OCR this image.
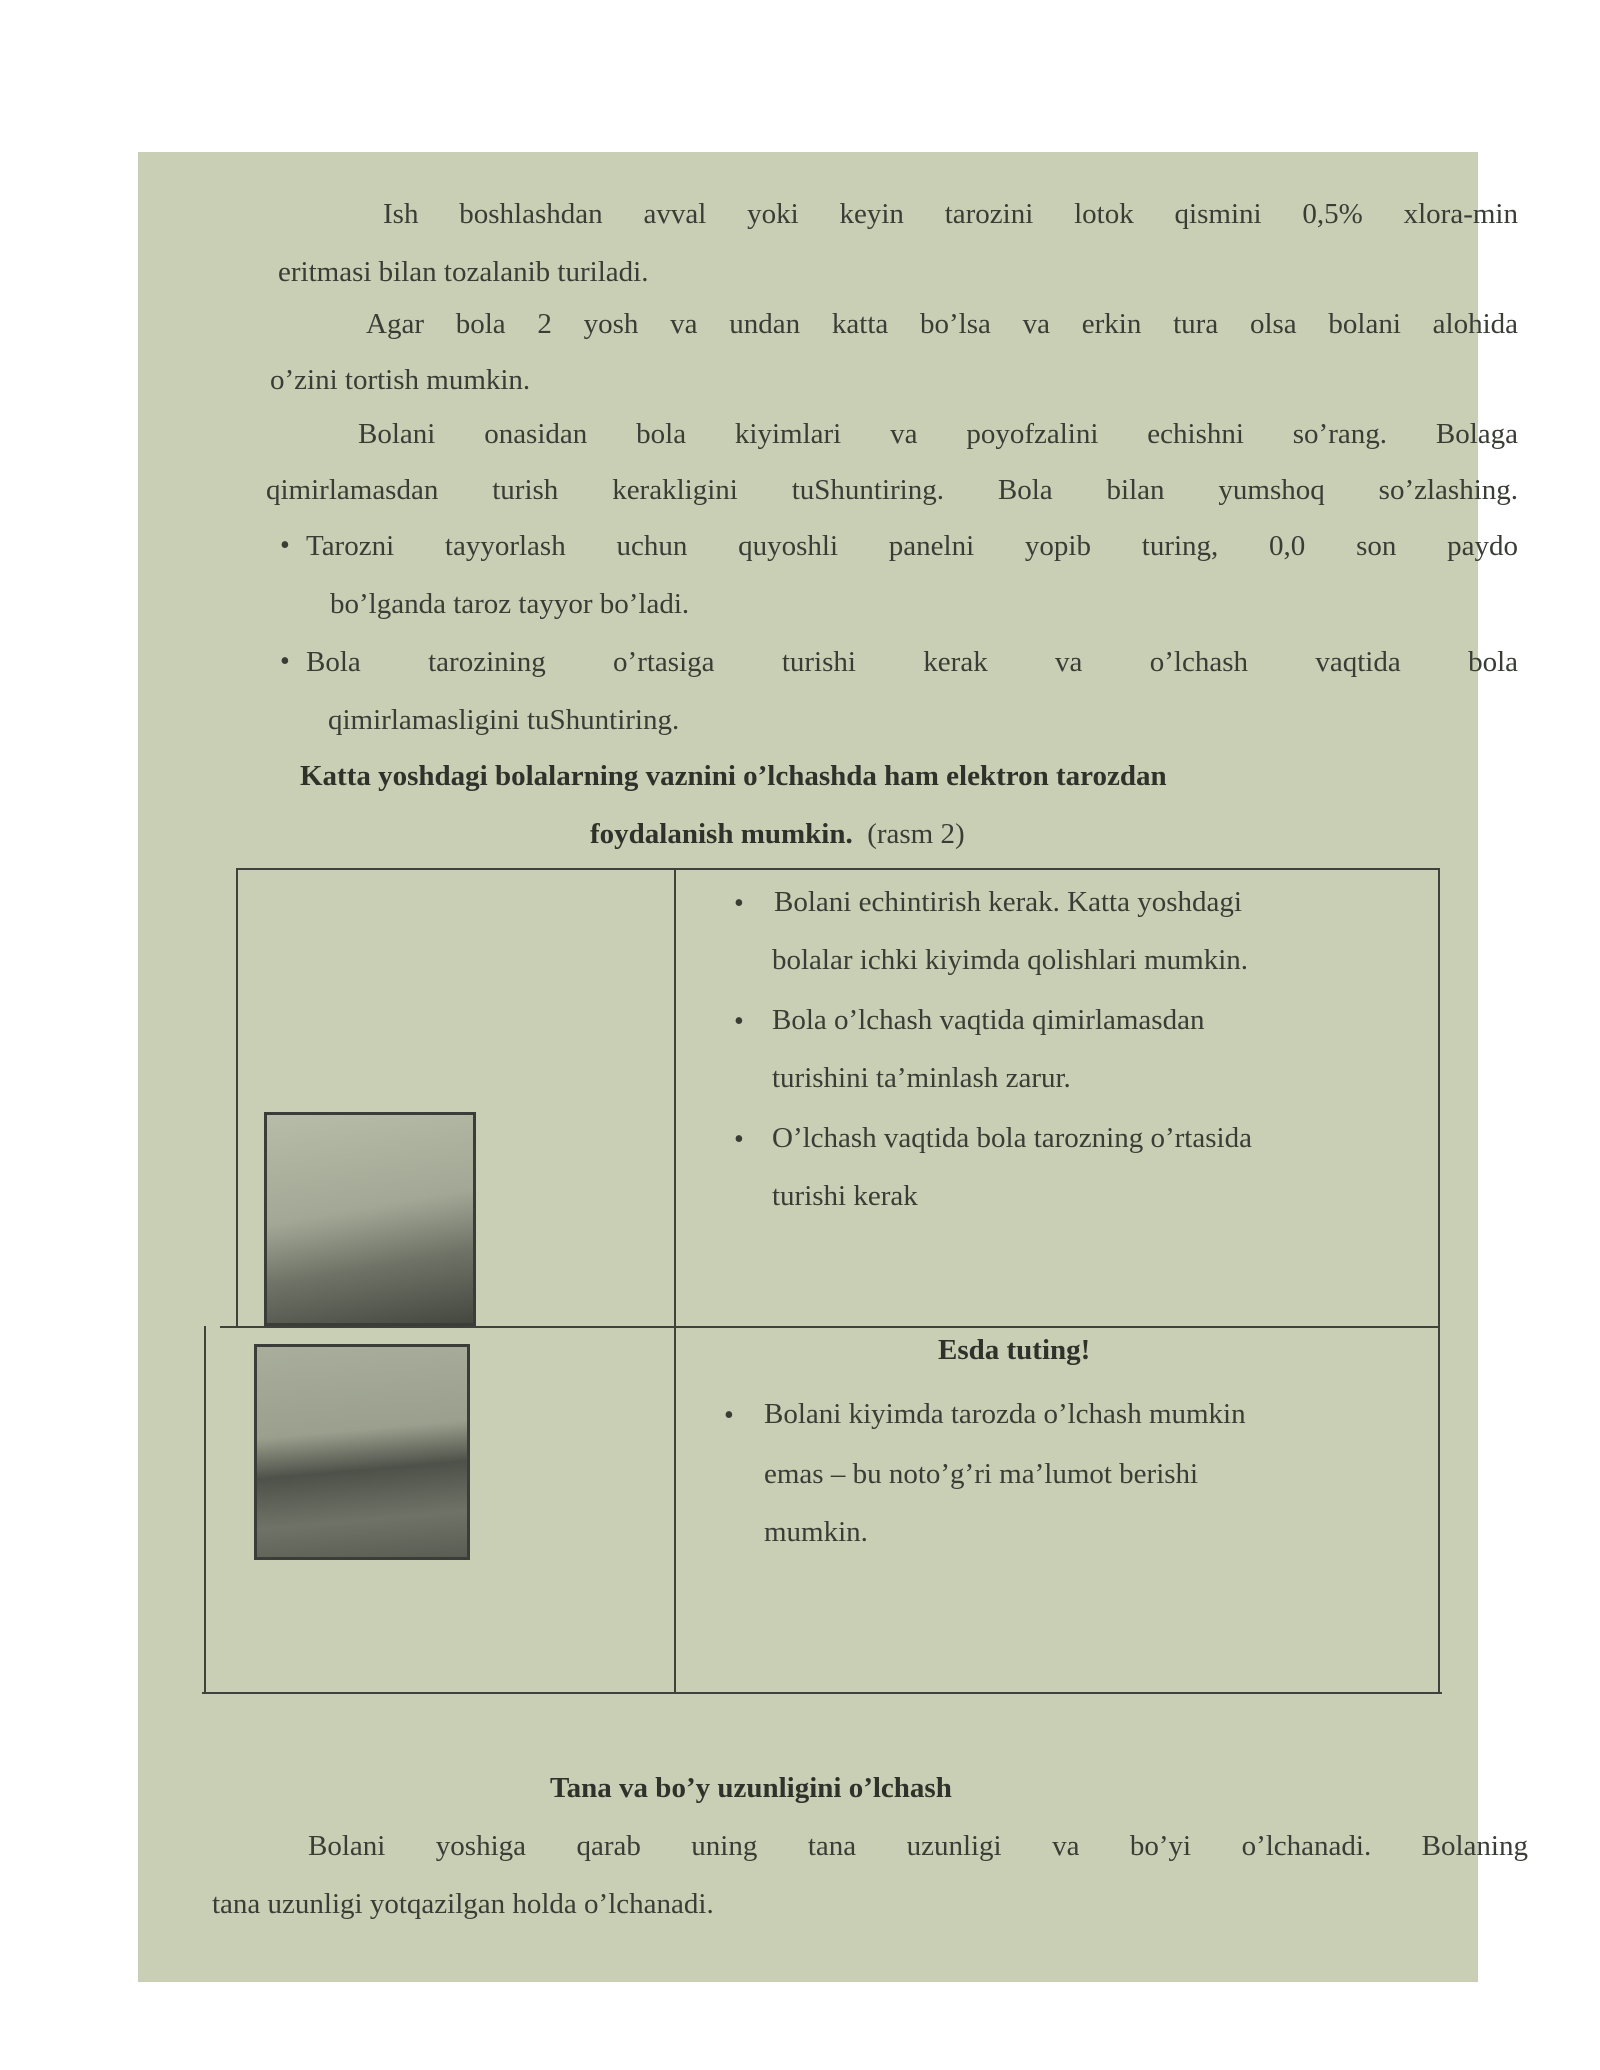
Ish boshlashdan avval yoki keyin tarozini lotok qismini 0,5% xlora-min
eritmasi bilan tozalanib turiladi.
Agar bola 2 yosh va undan katta bo’lsa va erkin tura olsa bolani alohida
o’zini tortish mumkin.
Bolani onasidan bola kiyimlari va poyofzalini echishni so’rang. Bolaga
qimirlamasdan turish kerakligini tuShuntiring. Bola bilan yumshoq so’zlashing.
• Tarozni tayyorlash uchun quyoshli panelni yopib turing, 0,0 son paydo
bo’lganda taroz tayyor bo’ladi.
• Bola tarozining o’rtasiga turishi kerak va o’lchash vaqtida bola
qimirlamasligini tuShuntiring.
Katta yoshdagi bolalarning vaznini o’lchashda ham elektron tarozdan
foydalanish mumkin. (rasm 2)
• Bolani echintirish kerak. Katta yoshdagi
bolalar ichki kiyimda qolishlari mumkin.
• Bola o’lchash vaqtida qimirlamasdan
turishini ta’minlash zarur.
• O’lchash vaqtida bola tarozning o’rtasida
turishi kerak
Esda tuting!
• Bolani kiyimda tarozda o’lchash mumkin
emas – bu noto’g’ri ma’lumot berishi
mumkin.
Tana va bo’y uzunligini o’lchash
Bolani yoshiga qarab uning tana uzunligi va bo’yi o’lchanadi. Bolaning
tana uzunligi yotqazilgan holda o’lchanadi.
